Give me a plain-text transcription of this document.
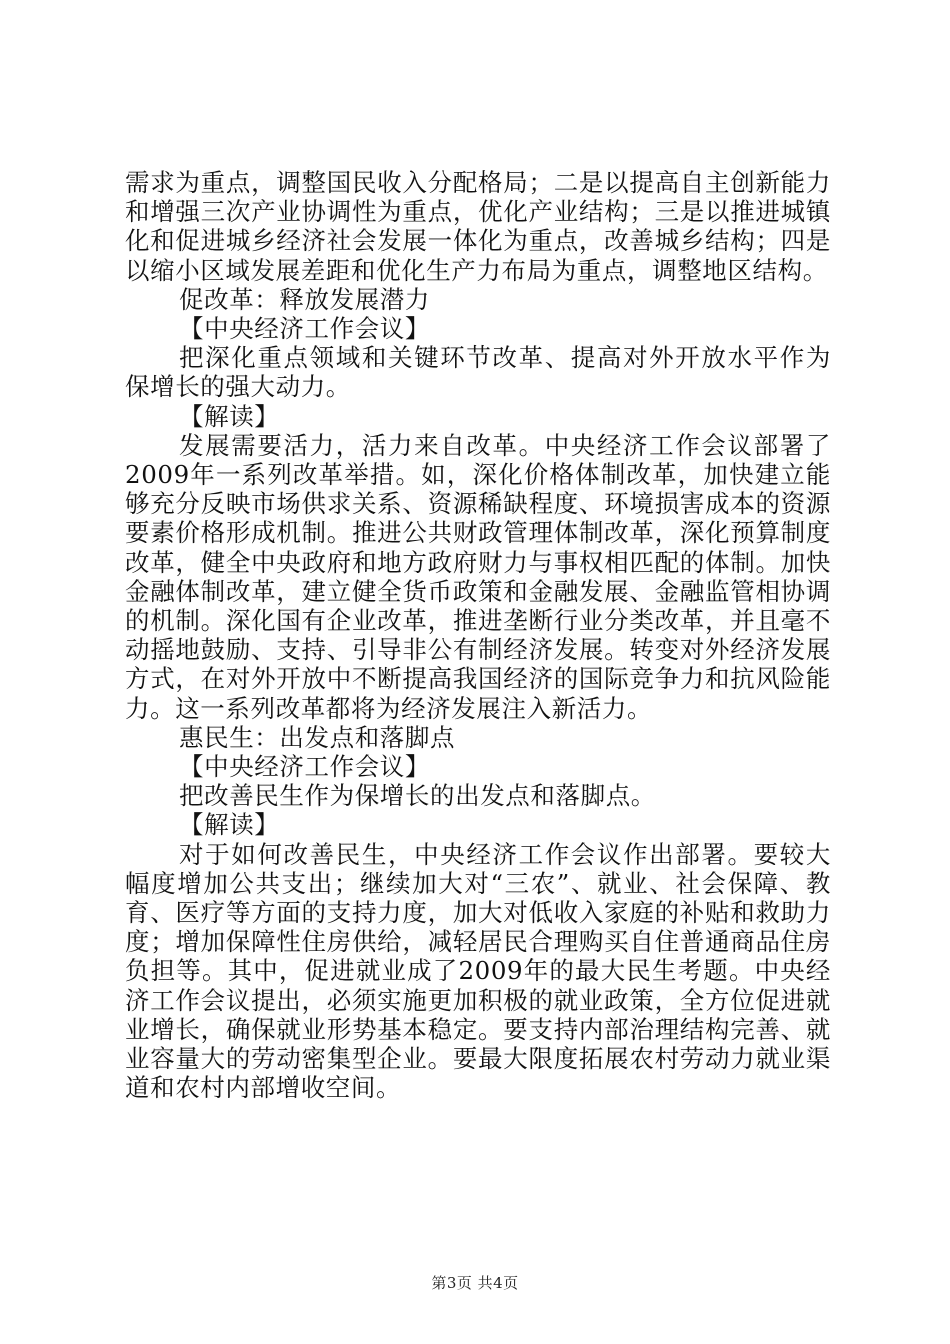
需求为重点，调整国民收入分配格局；二是以提高自主创新能力和增强三次产业协调性为重点，优化产业结构；三是以推进城镇化和促进城乡经济社会发展一体化为重点，改善城乡结构；四是以缩小区域发展差距和优化生产力布局为重点，调整地区结构。

促改革：释放发展潜力

【中央经济工作会议】

把深化重点领域和关键环节改革、提高对外开放水平作为保增长的强大动力。

【解读】

发展需要活力，活力来自改革。中央经济工作会议部署了2009年一系列改革举措。如，深化价格体制改革，加快建立能够充分反映市场供求关系、资源稀缺程度、环境损害成本的资源要素价格形成机制。推进公共财政管理体制改革，深化预算制度改革，健全中央政府和地方政府财力与事权相匹配的体制。加快金融体制改革，建立健全货币政策和金融发展、金融监管相协调的机制。深化国有企业改革，推进垄断行业分类改革，并且毫不动摇地鼓励、支持、引导非公有制经济发展。转变对外经济发展方式，在对外开放中不断提高我国经济的国际竞争力和抗风险能力。这一系列改革都将为经济发展注入新活力。

惠民生：出发点和落脚点

【中央经济工作会议】

把改善民生作为保增长的出发点和落脚点。

【解读】

对于如何改善民生，中央经济工作会议作出部署。要较大幅度增加公共支出；继续加大对“三农”、就业、社会保障、教育、医疗等方面的支持力度，加大对低收入家庭的补贴和救助力度；增加保障性住房供给，减轻居民合理购买自住普通商品住房负担等。其中，促进就业成了2009年的最大民生考题。中央经济工作会议提出，必须实施更加积极的就业政策，全方位促进就业增长，确保就业形势基本稳定。要支持内部治理结构完善、就业容量大的劳动密集型企业。要最大限度拓展农村劳动力就业渠道和农村内部增收空间。

第3页 共4页
